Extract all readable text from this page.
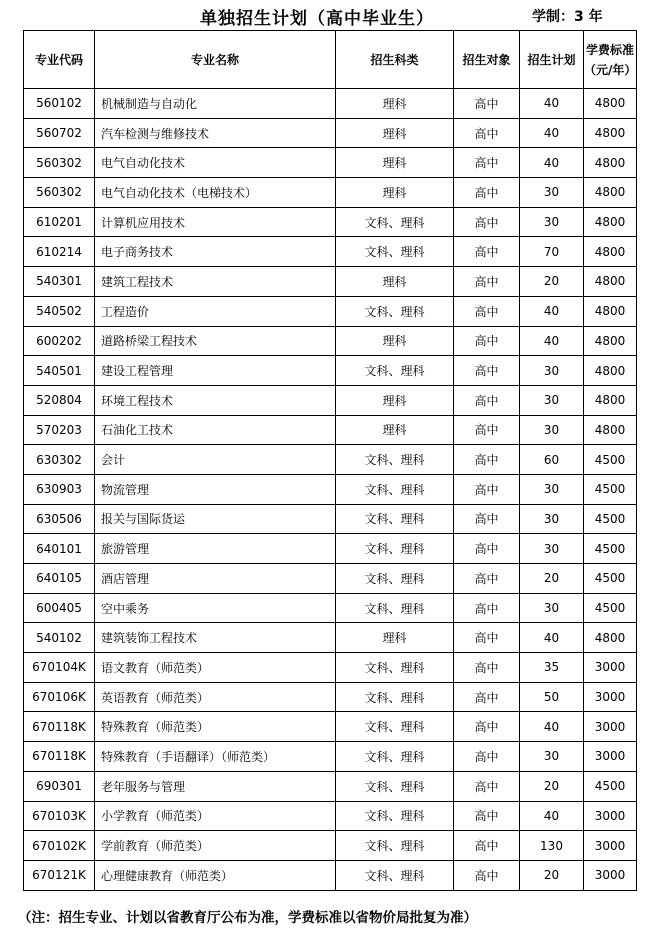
单独招生计划（高中毕业生）	学制：3 年
专业代码	专业名称	招生科类	招生对象	招生计划	学费标准
（元/年）

560102	机械制造与自动化	理科	高中	40	4800
560702	汽车检测与维修技术	理科	高中	40	4800
560302	电气自动化技术	理科	高中	40	4800
560302	电气自动化技术（电梯技术）	理科	高中	30	4800
610201	计算机应用技术	文科、理科	高中	30	4800
610214	电子商务技术	文科、理科	高中	70	4800
540301	建筑工程技术	理科	高中	20	4800
540502	工程造价	文科、理科	高中	40	4800
600202	道路桥梁工程技术	理科	高中	40	4800
540501	建设工程管理	文科、理科	高中	30	4800
520804	环境工程技术	理科	高中	30	4800
570203	石油化工技术	理科	高中	30	4800
630302	会计	文科、理科	高中	60	4500
630903	物流管理	文科、理科	高中	30	4500
630506	报关与国际货运	文科、理科	高中	30	4500
640101	旅游管理	文科、理科	高中	30	4500
640105	酒店管理	文科、理科	高中	20	4500
600405	空中乘务	文科、理科	高中	30	4500
540102	建筑装饰工程技术	理科	高中	40	4800
670104K	语文教育（师范类）	文科、理科	高中	35	3000
670106K	英语教育（师范类）	文科、理科	高中	50	3000
670118K	特殊教育（师范类）	文科、理科	高中	40	3000
670118K	特殊教育（手语翻译）（师范类）	文科、理科	高中	30	3000
690301	老年服务与管理	文科、理科	高中	20	4500
670103K	小学教育（师范类）	文科、理科	高中	40	3000
670102K	学前教育（师范类）	文科、理科	高中	130	3000
670121K	心理健康教育（师范类）	文科、理科	高中	20	3000
（注：招生专业、计划以省教育厅公布为准，学费标准以省物价局批复为准）
